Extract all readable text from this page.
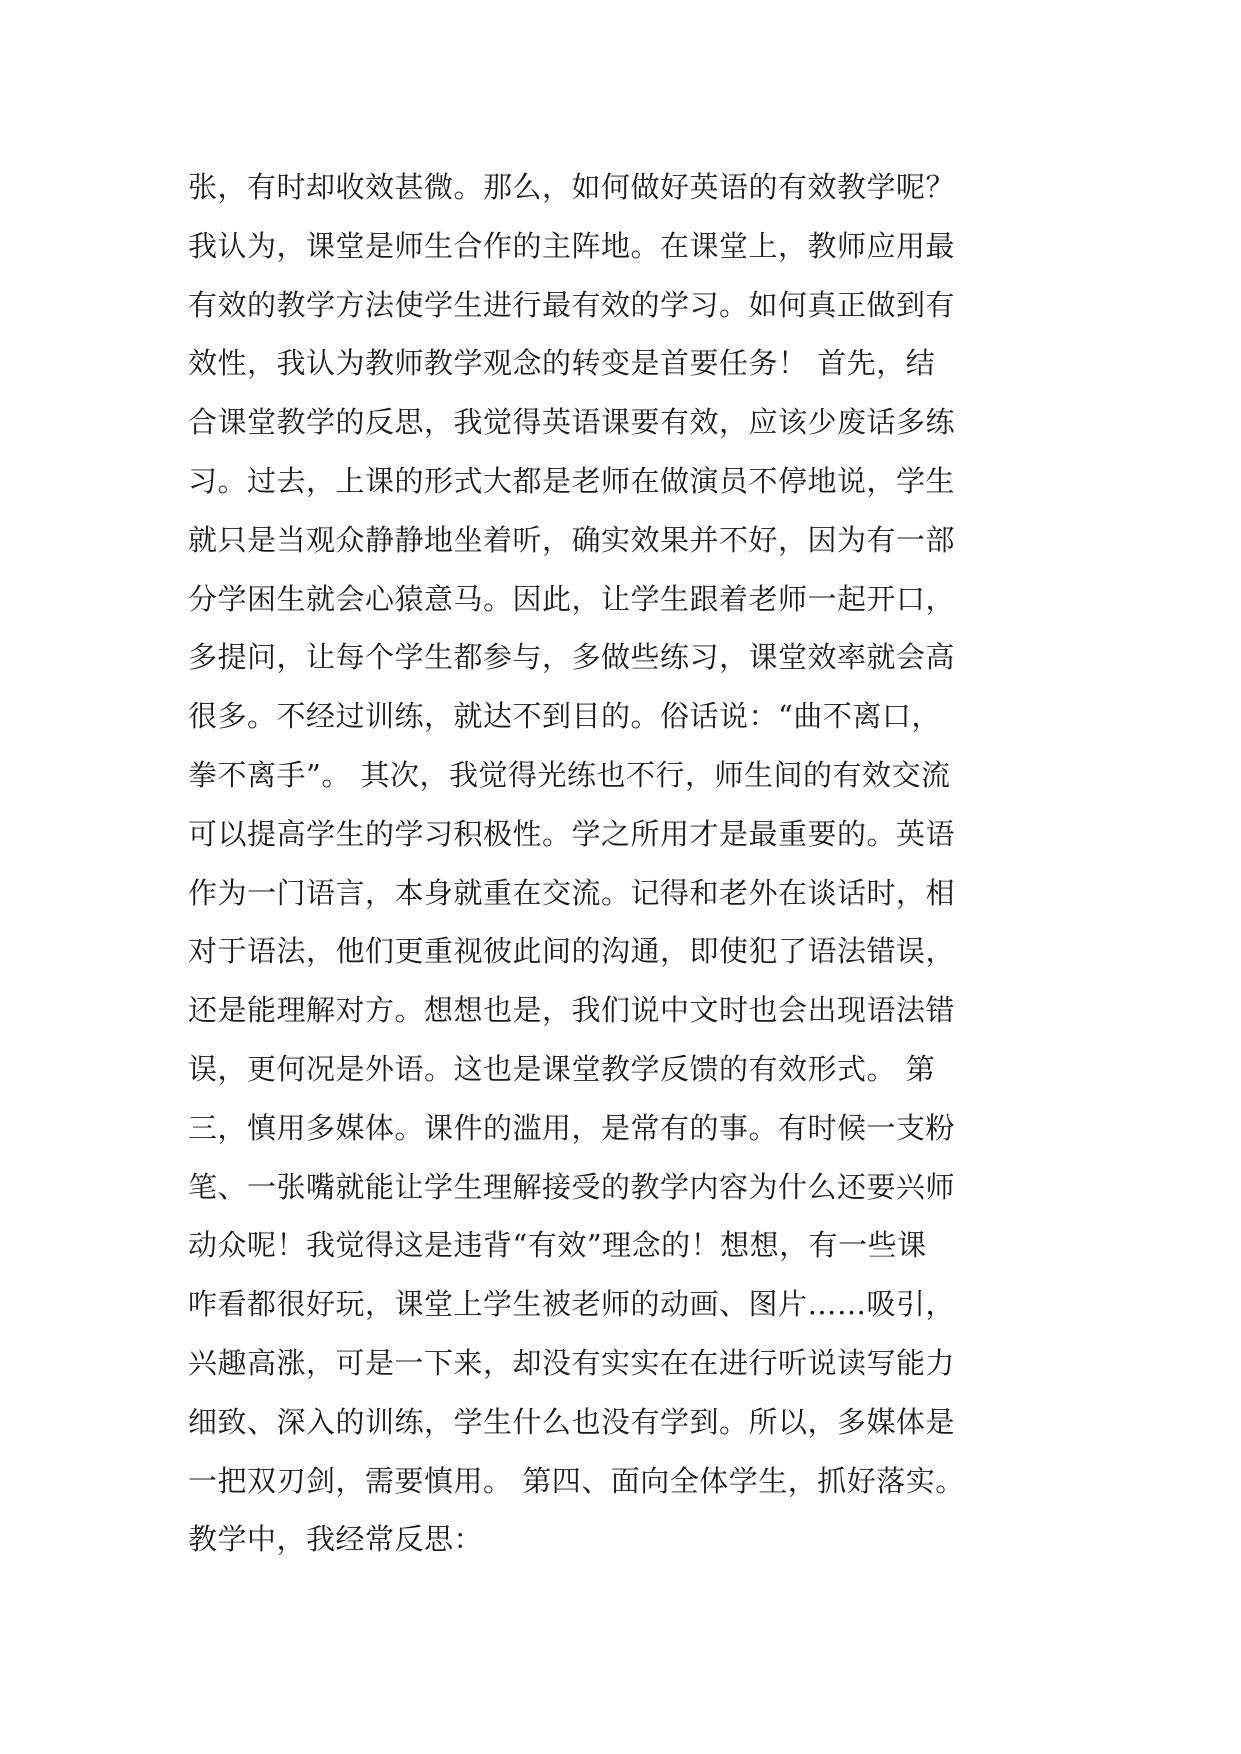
张，有时却收效甚微。那么，如何做好英语的有效教学呢？
我认为，课堂是师生合作的主阵地。在课堂上，教师应用最
有效的教学方法使学生进行最有效的学习。如何真正做到有
效性，我认为教师教学观念的转变是首要任务！ 首先，结
合课堂教学的反思，我觉得英语课要有效，应该少废话多练
习。过去，上课的形式大都是老师在做演员不停地说，学生
就只是当观众静静地坐着听，确实效果并不好，因为有一部
分学困生就会心猿意马。因此，让学生跟着老师一起开口，
多提问，让每个学生都参与，多做些练习，课堂效率就会高
很多。不经过训练，就达不到目的。俗话说：“曲不离口，
拳不离手”。 其次，我觉得光练也不行，师生间的有效交流
可以提高学生的学习积极性。学之所用才是最重要的。英语
作为一门语言，本身就重在交流。记得和老外在谈话时，相
对于语法，他们更重视彼此间的沟通，即使犯了语法错误，
还是能理解对方。想想也是，我们说中文时也会出现语法错
误，更何况是外语。这也是课堂教学反馈的有效形式。 第
三，慎用多媒体。课件的滥用，是常有的事。有时候一支粉
笔、一张嘴就能让学生理解接受的教学内容为什么还要兴师
动众呢！我觉得这是违背“有效”理念的！想想，有一些课
咋看都很好玩，课堂上学生被老师的动画、图片……吸引，
兴趣高涨，可是一下来，却没有实实在在进行听说读写能力
细致、深入的训练，学生什么也没有学到。所以，多媒体是
一把双刃剑，需要慎用。 第四、面向全体学生，抓好落实。
教学中，我经常反思：
